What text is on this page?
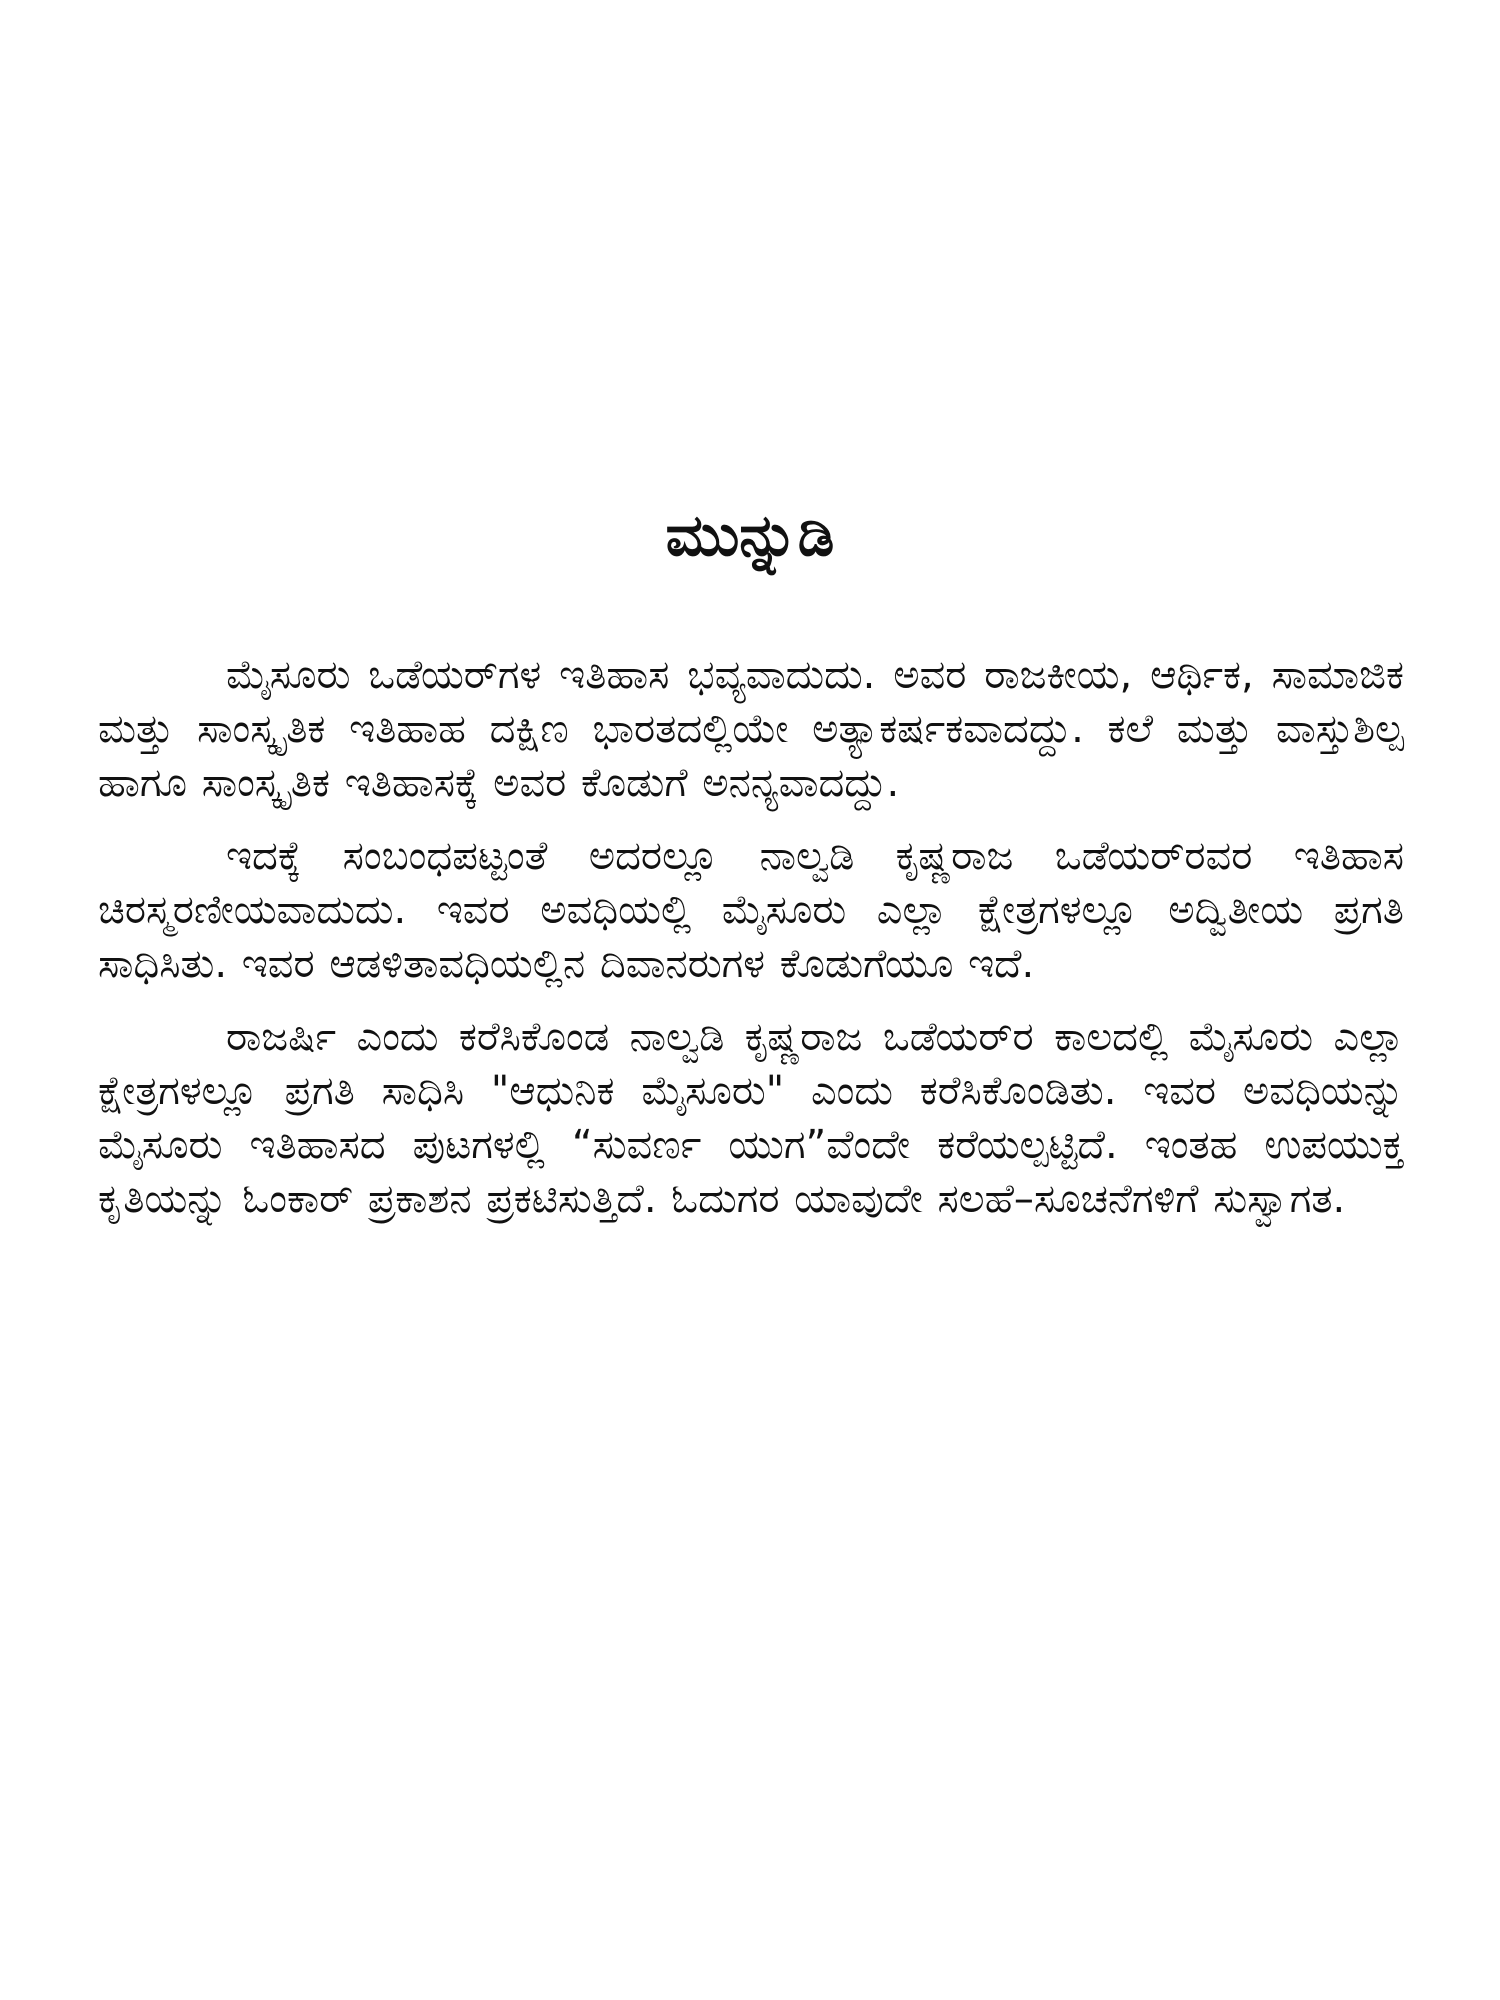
ಮುನ್ನುಡಿ

ಮೈಸೂರು ಒಡೆಯರ್‌ಗಳ ಇತಿಹಾಸ ಭವ್ಯವಾದುದು. ಅವರ ರಾಜಕೀಯ, ಆರ್ಥಿಕ, ಸಾಮಾಜಿಕ ಮತ್ತು ಸಾಂಸ್ಕೃತಿಕ ಇತಿಹಾಹ ದಕ್ಷಿಣ ಭಾರತದಲ್ಲಿಯೇ ಅತ್ಯಾಕರ್ಷಕವಾದದ್ದು. ಕಲೆ ಮತ್ತು ವಾಸ್ತುಶಿಲ್ಪ ಹಾಗೂ ಸಾಂಸ್ಕೃತಿಕ ಇತಿಹಾಸಕ್ಕೆ ಅವರ ಕೊಡುಗೆ ಅನನ್ಯವಾದದ್ದು.

ಇದಕ್ಕೆ ಸಂಬಂಧಪಟ್ಟಂತೆ ಅದರಲ್ಲೂ ನಾಲ್ವಡಿ ಕೃಷ್ಣರಾಜ ಒಡೆಯರ್‌ರವರ ಇತಿಹಾಸ ಚಿರಸ್ಮರಣೀಯವಾದುದು. ಇವರ ಅವಧಿಯಲ್ಲಿ ಮೈಸೂರು ಎಲ್ಲಾ ಕ್ಷೇತ್ರಗಳಲ್ಲೂ ಅದ್ವಿತೀಯ ಪ್ರಗತಿ ಸಾಧಿಸಿತು. ಇವರ ಆಡಳಿತಾವಧಿಯಲ್ಲಿನ ದಿವಾನರುಗಳ ಕೊಡುಗೆಯೂ ಇದೆ.

ರಾಜರ್ಷಿ ಎಂದು ಕರೆಸಿಕೊಂಡ ನಾಲ್ವಡಿ ಕೃಷ್ಣರಾಜ ಒಡೆಯರ್‌ರ ಕಾಲದಲ್ಲಿ ಮೈಸೂರು ಎಲ್ಲಾ ಕ್ಷೇತ್ರಗಳಲ್ಲೂ ಪ್ರಗತಿ ಸಾಧಿಸಿ "ಆಧುನಿಕ ಮೈಸೂರು" ಎಂದು ಕರೆಸಿಕೊಂಡಿತು. ಇವರ ಅವಧಿಯನ್ನು ಮೈಸೂರು ಇತಿಹಾಸದ ಪುಟಗಳಲ್ಲಿ “ಸುವರ್ಣ ಯುಗ”ವೆಂದೇ ಕರೆಯಲ್ಪಟ್ಟಿದೆ. ಇಂತಹ ಉಪಯುಕ್ತ ಕೃತಿಯನ್ನು ಓಂಕಾರ್ ಪ್ರಕಾಶನ ಪ್ರಕಟಿಸುತ್ತಿದೆ. ಓದುಗರ ಯಾವುದೇ ಸಲಹೆ–ಸೂಚನೆಗಳಿಗೆ ಸುಸ್ವಾಗತ.
